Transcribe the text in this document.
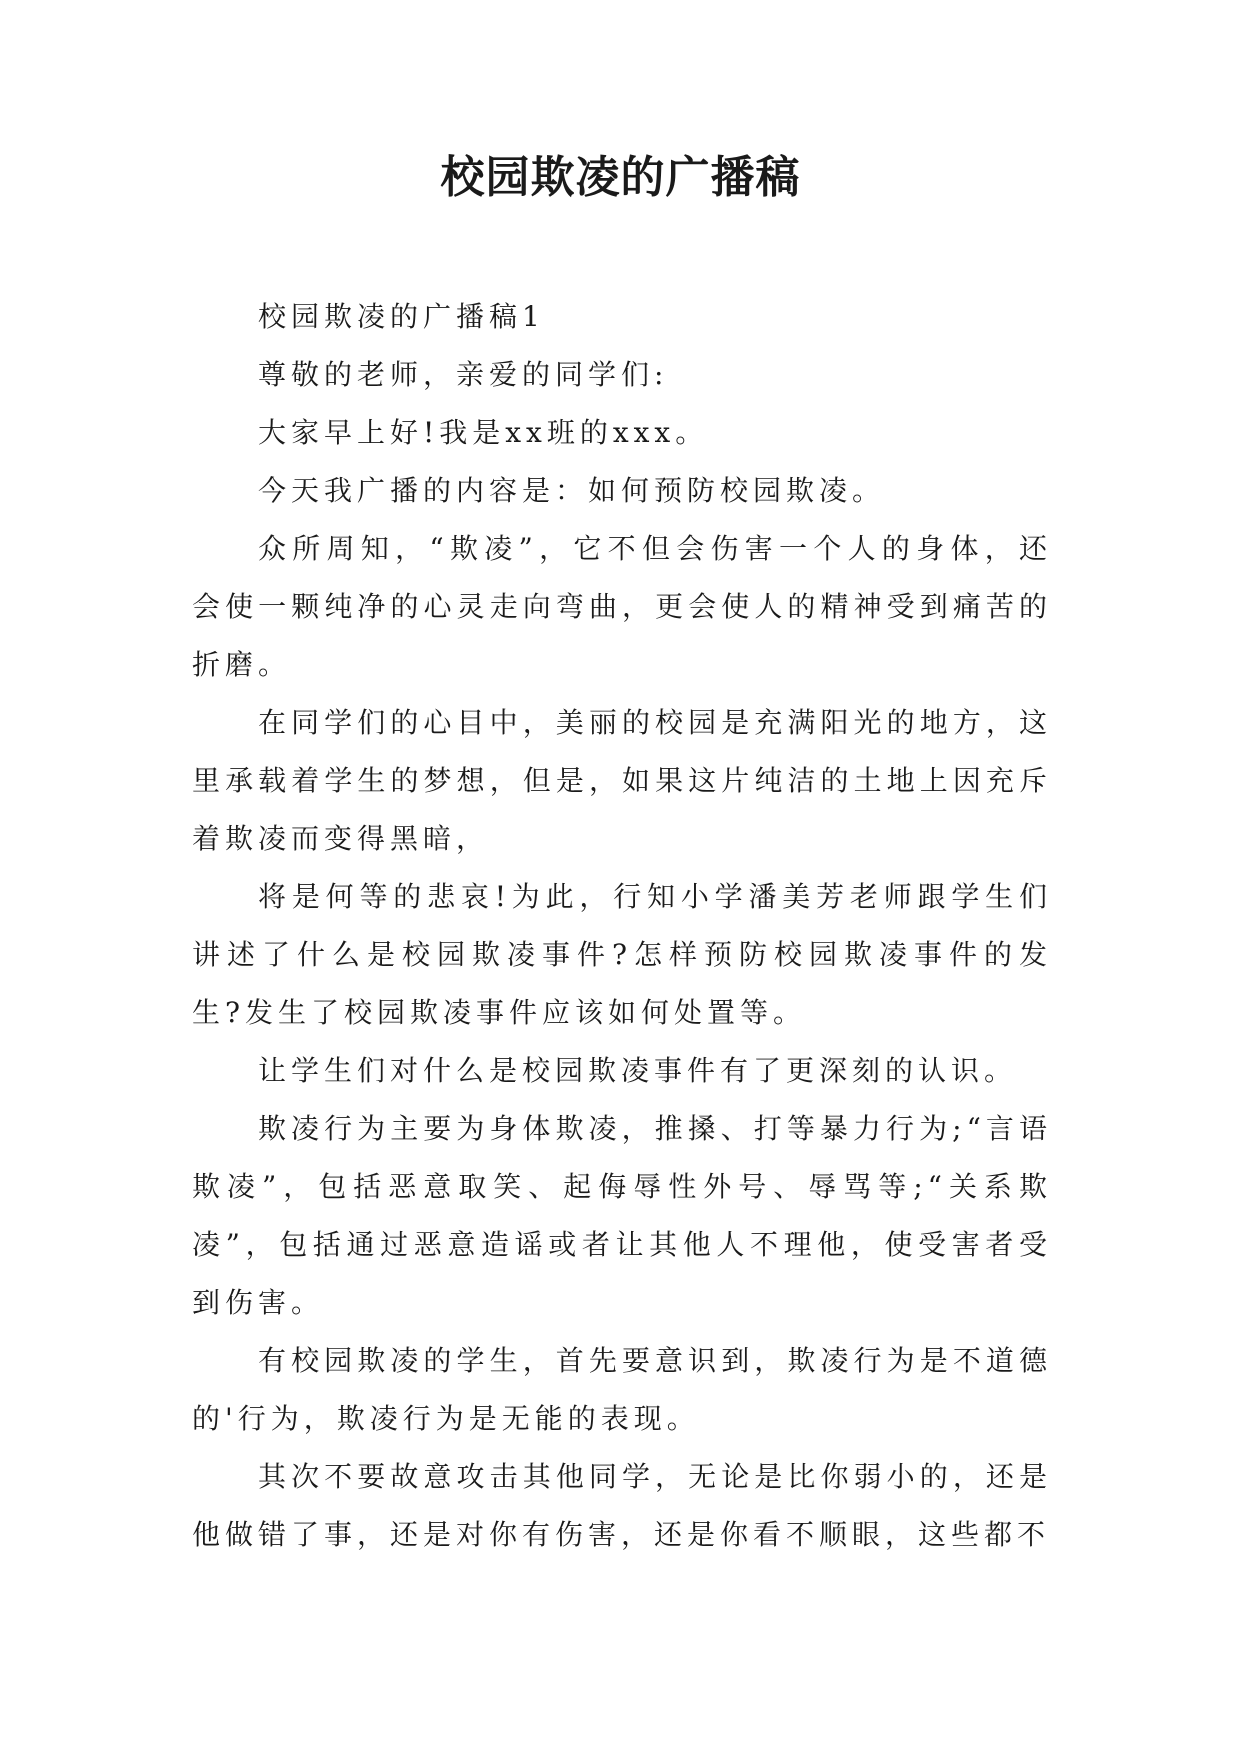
校园欺凌的广播稿

校园欺凌的广播稿1

尊敬的老师，亲爱的同学们:

大家早上好!我是xx班的xxx。

今天我广播的内容是：如何预防校园欺凌。

众所周知，“欺凌”，它不但会伤害一个人的身体，还会使一颗纯净的心灵走向弯曲，更会使人的精神受到痛苦的折磨。

在同学们的心目中，美丽的校园是充满阳光的地方，这里承载着学生的梦想，但是，如果这片纯洁的土地上因充斥着欺凌而变得黑暗，

将是何等的悲哀!为此，行知小学潘美芳老师跟学生们讲述了什么是校园欺凌事件?怎样预防校园欺凌事件的发生?发生了校园欺凌事件应该如何处置等。

让学生们对什么是校园欺凌事件有了更深刻的认识。

欺凌行为主要为身体欺凌，推搡、打等暴力行为;“言语欺凌”，包括恶意取笑、起侮辱性外号、辱骂等;“关系欺凌”，包括通过恶意造谣或者让其他人不理他，使受害者受到伤害。

有校园欺凌的学生，首先要意识到，欺凌行为是不道德的'行为，欺凌行为是无能的表现。

其次不要故意攻击其他同学，无论是比你弱小的，还是他做错了事，还是对你有伤害，还是你看不顺眼，这些都不
